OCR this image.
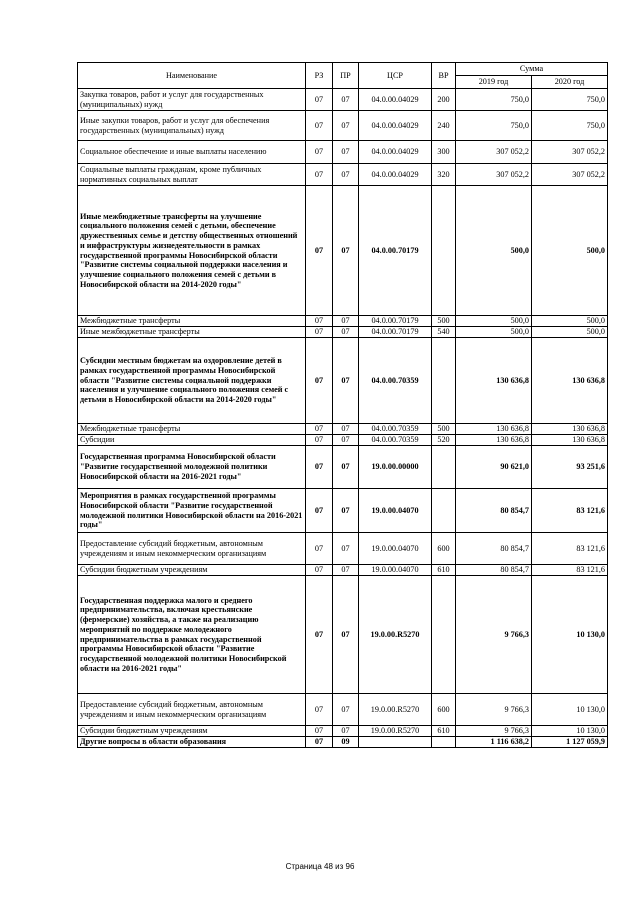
Наименование	РЗ	ПР	ЦСР	ВР	Сумма	
					2019 год	2020 год
Закупка товаров, работ и услуг для государственных (муниципальных) нужд	07	07	04.0.00.04029	200	750,0	750,0
Иные закупки товаров, работ и услуг для обеспечения государственных (муниципальных) нужд	07	07	04.0.00.04029	240	750,0	750,0
Социальное обеспечение и иные выплаты населению	07	07	04.0.00.04029	300	307 052,2	307 052,2
Социальные выплаты гражданам, кроме публичных нормативных социальных выплат	07	07	04.0.00.04029	320	307 052,2	307 052,2
Иные межбюджетные трансферты на улучшение социального положения семей с детьми, обеспечение дружественных семье и детству общественных отношений и инфраструктуры жизнедеятельности в рамках государственной программы Новосибирской области "Развитие системы социальной поддержки населения и улучшение социального положения семей с детьми в Новосибирской области на 2014-2020 годы"	07	07	04.0.00.70179		500,0	500,0
Межбюджетные трансферты	07	07	04.0.00.70179	500	500,0	500,0
Иные межбюджетные трансферты	07	07	04.0.00.70179	540	500,0	500,0
Субсидии местным бюджетам на оздоровление детей в рамках государственной программы Новосибирской области "Развитие системы социальной поддержки населения и улучшение социального положения семей с детьми в Новосибирской области на 2014-2020 годы"	07	07	04.0.00.70359		130 636,8	130 636,8
Межбюджетные трансферты	07	07	04.0.00.70359	500	130 636,8	130 636,8
Субсидии	07	07	04.0.00.70359	520	130 636,8	130 636,8
Государственная программа Новосибирской области "Развитие государственной молодежной политики Новосибирской области на 2016-2021 годы"	07	07	19.0.00.00000		90 621,0	93 251,6
Мероприятия в рамках государственной программы Новосибирской области "Развитие государственной молодежной политики Новосибирской области на 2016-2021 годы"	07	07	19.0.00.04070		80 854,7	83 121,6
Предоставление субсидий бюджетным, автономным учреждениям и иным некоммерческим организациям	07	07	19.0.00.04070	600	80 854,7	83 121,6
Субсидии бюджетным учреждениям	07	07	19.0.00.04070	610	80 854,7	83 121,6
Государственная поддержка малого и среднего предпринимательства, включая крестьянские (фермерские) хозяйства, а также на реализацию мероприятий по поддержке молодежного предпринимательства в рамках государственной программы Новосибирской области "Развитие государственной молодежной политики Новосибирской области на 2016-2021 годы"	07	07	19.0.00.R5270		9 766,3	10 130,0
Предоставление субсидий бюджетным, автономным учреждениям и иным некоммерческим организациям	07	07	19.0.00.R5270	600	9 766,3	10 130,0
Субсидии бюджетным учреждениям	07	07	19.0.00.R5270	610	9 766,3	10 130,0
Другие вопросы в области образования	07	09			1 116 638,2	1 127 059,9
Страница 48 из 96
